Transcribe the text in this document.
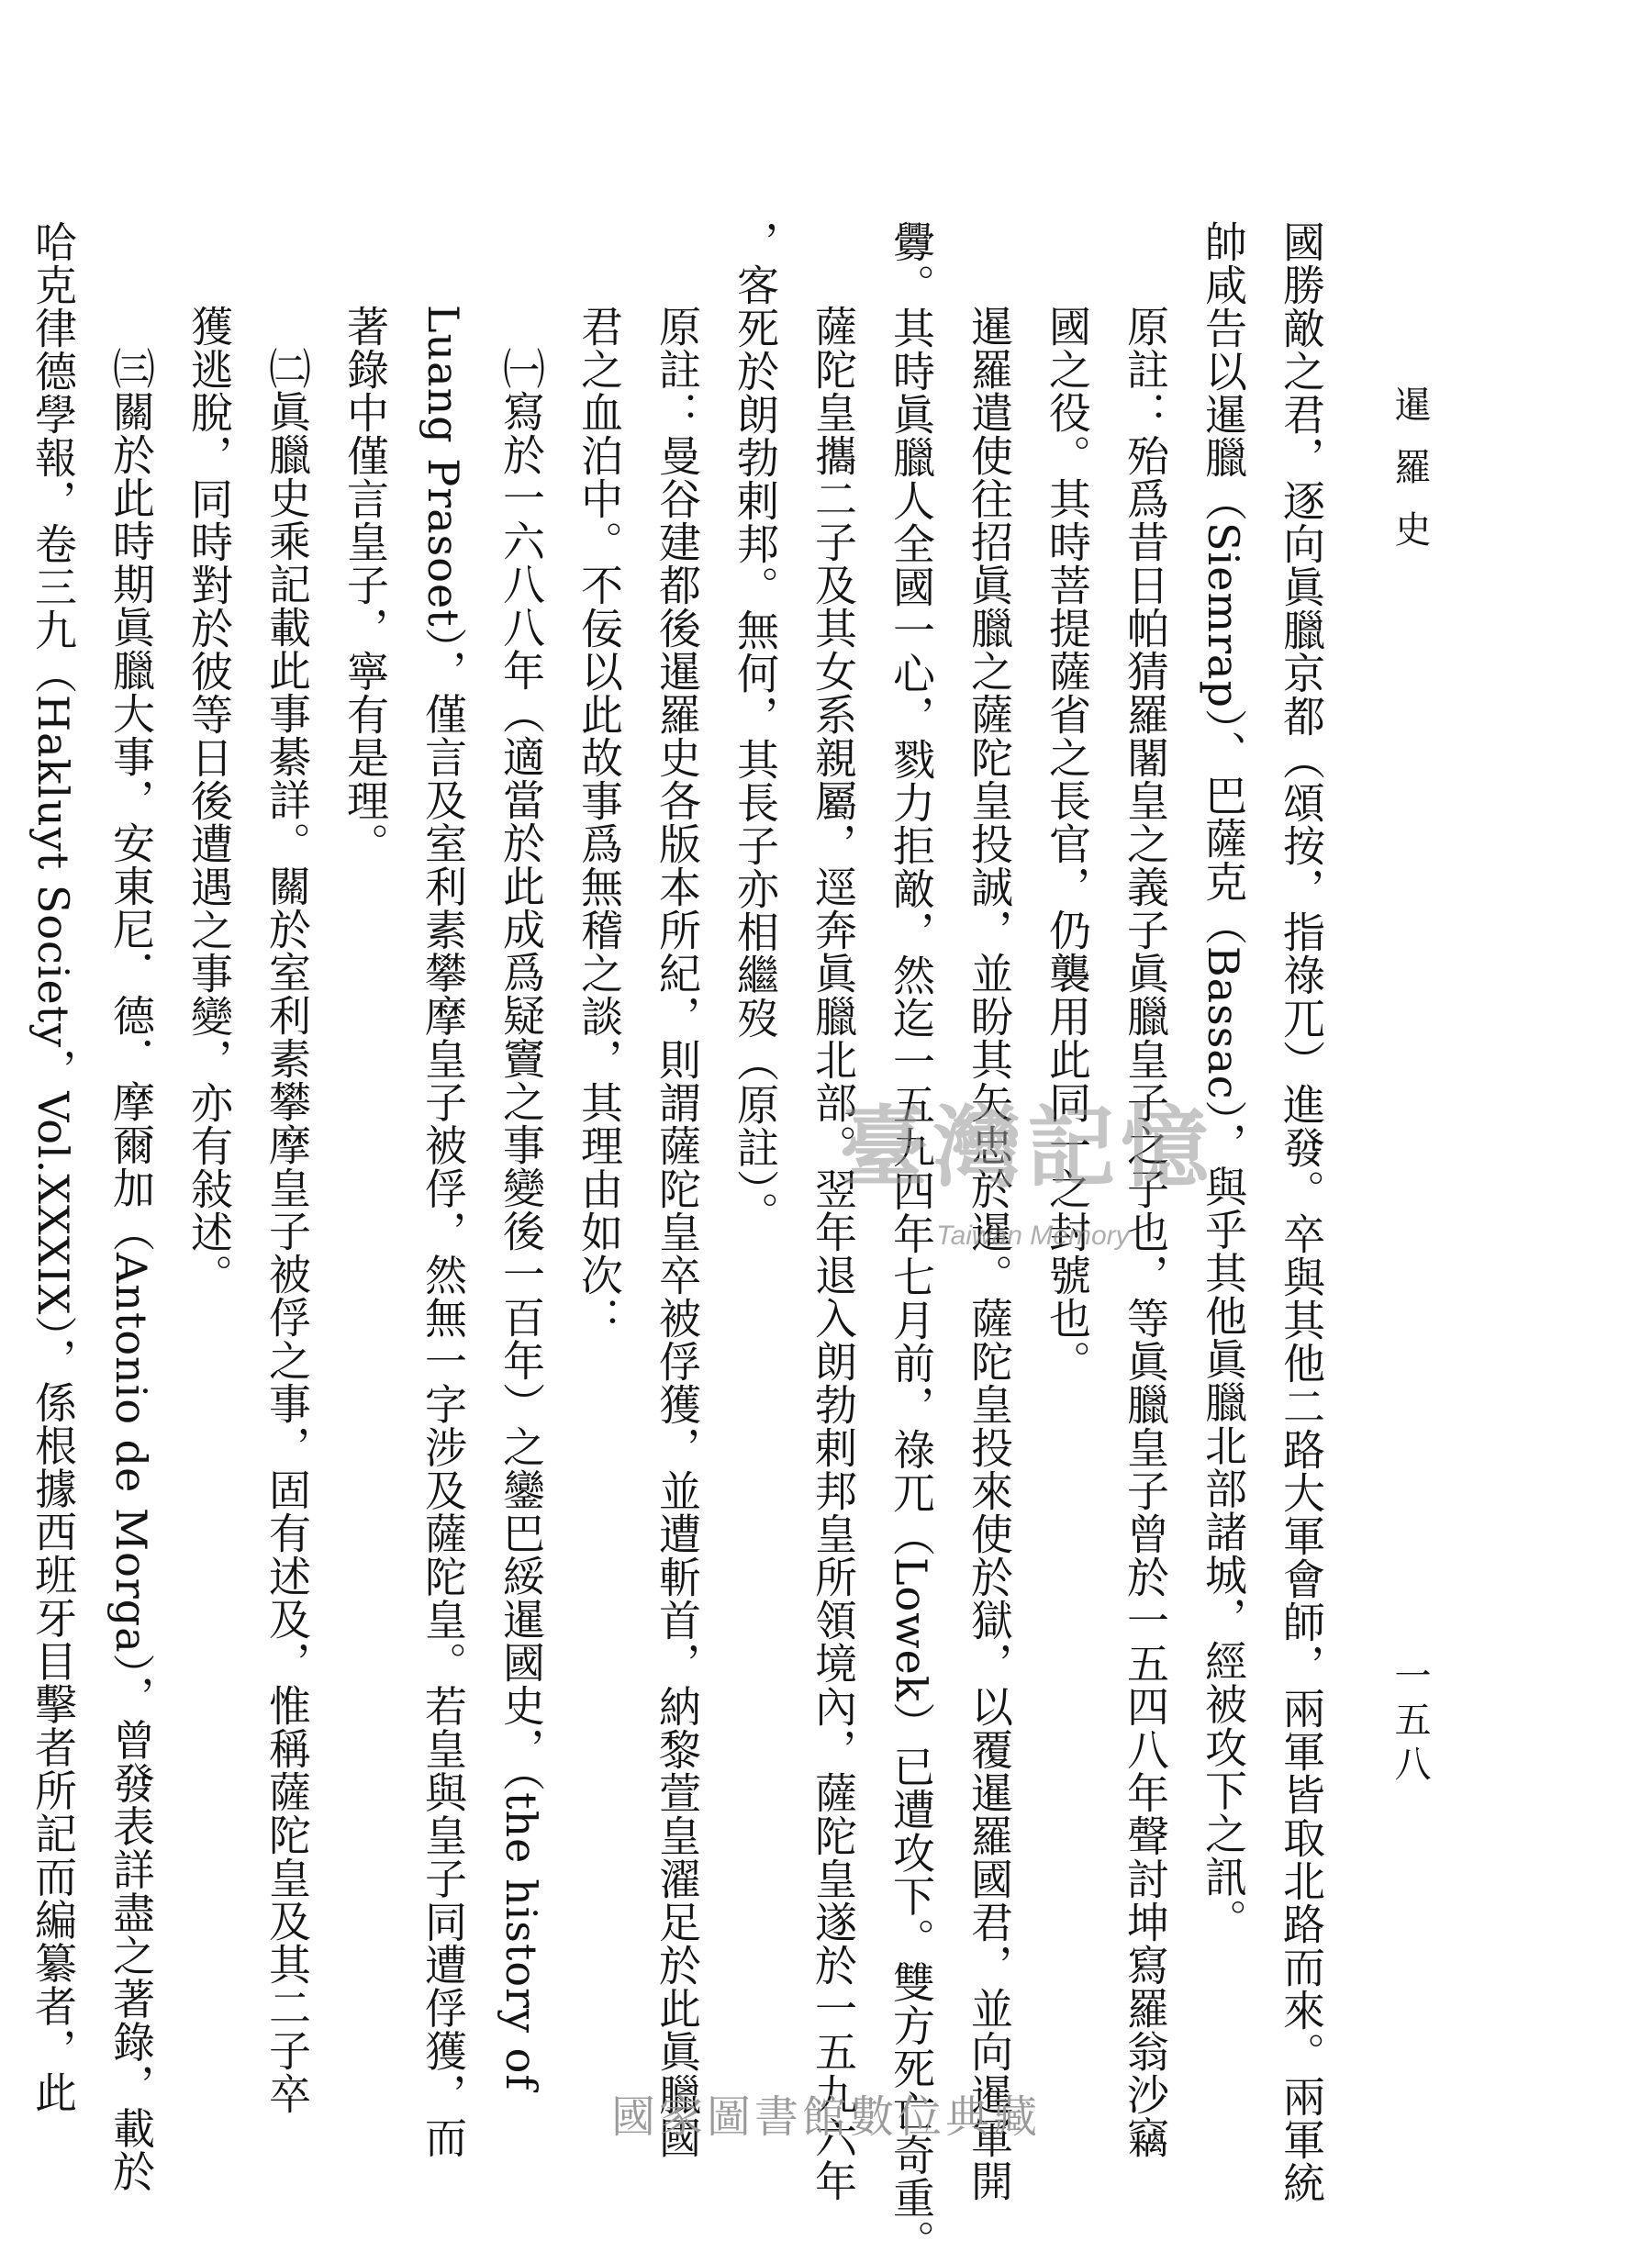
暹羅史
一五八

國勝敵之君，逐向眞臘京都（頌按，指祿兀）進發。卒與其他二路大軍會師，兩軍皆取北路而來。兩軍統

帥咸告以暹臘（Siemrap）、巴薩克（Bassac），與乎其他眞臘北部諸城，經被攻下之訊。

原註：殆爲昔日帕猜羅闍皇之義子眞臘皇子之子也，等眞臘皇子曾於一五四八年聲討坤寫羅翁沙竊

國之役。其時菩提薩省之長官，仍襲用此同一之封號也。

暹羅遣使往招眞臘之薩陀皇投誠，並盼其矢忠於暹。薩陀皇投來使於獄，以覆暹羅國君，並向暹軍開

釁。其時眞臘人全國一心，戮力拒敵，然迄一五九四年七月前，祿兀（Lowek）已遭攻下。雙方死亡奇重。

薩陀皇攜二子及其女系親屬，逕奔眞臘北部。翌年退入朗勃剌邦皇所領境內，薩陀皇遂於一五九六年

，客死於朗勃剌邦。無何，其長子亦相繼歿（原註）。

原註：曼谷建都後暹羅史各版本所紀，則謂薩陀皇卒被俘獲，並遭斬首，納黎萱皇濯足於此眞臘國

君之血泊中。不佞以此故事爲無稽之談，其理由如次：

㈠寫於一六八八年（適當於此成爲疑竇之事變後一百年）之鑾巴綏暹國史，（the history of

Luang Prasoet），僅言及室利素攀摩皇子被俘，然無一字涉及薩陀皇。若皇與皇子同遭俘獲，而

著錄中僅言皇子，寧有是理。

㈡眞臘史乘記載此事綦詳。關於室利素攀摩皇子被俘之事，固有述及，惟稱薩陀皇及其二子卒

獲逃脫，同時對於彼等日後遭遇之事變，亦有敍述。

㈢關於此時期眞臘大事，安東尼．德．摩爾加（Antonio de Morga），曾發表詳盡之著錄，載於

哈克律德學報，卷三九（Hakluyt Society，Vol.XXXIX），係根據西班牙目擊者所記而編纂者，此	臺灣記憶
Taiwan Memory
國家圖書館數位典藏
